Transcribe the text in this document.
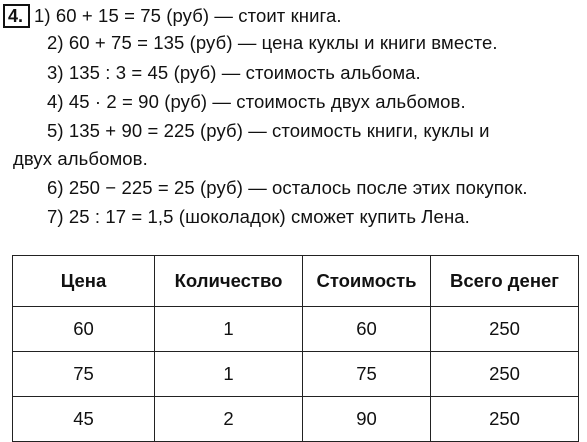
4. 1) 60 + 15 = 75 (руб) — стоит книга.
2) 60 + 75 = 135 (руб) — цена куклы и книги вместе.
3) 135 : 3 = 45 (руб) — стоимость альбома.
4) 45 · 2 = 90 (руб) — стоимость двух альбомов.
5) 135 + 90 = 225 (руб) — стоимость книги, куклы и
двух альбомов.
6) 250 − 225 = 25 (руб) — осталось после этих покупок.
7) 25 : 17 = 1,5 (шоколадок) сможет купить Лена.
Цена	Количество	Стоимость	Всего денег
60	1	60	250
75	1	75	250
45	2	90	250
